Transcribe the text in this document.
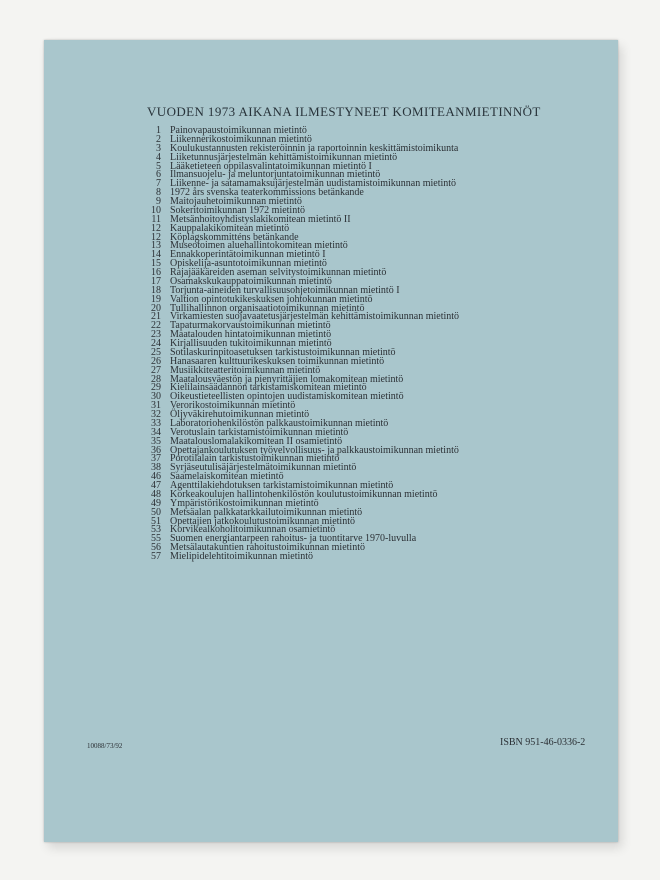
VUODEN 1973 AIKANA ILMESTYNEET KOMITEANMIETINNÖT
1 Painovapaustoimikunnan mietintö
2 Liikennerikostoimikunnan mietintö
3 Koulukustannusten rekisteröinnin ja raportoinnin keskittämistoimikunta
4 Liiketunnusjärjestelmän kehittämistoimikunnan mietintö
5 Lääketieteen oppilasvalintatoimikunnan mietintö I
6 Ilmansuojelu- ja meluntorjuntatoimikunnan mietintö
7 Liikenne- ja satamamaksujärjestelmän uudistamistoimikunnan mietintö
8 1972 års svenska teaterkommissions betänkande
9 Maitojauhetoimikunnan mietintö
10 Sokeritoimikunnan 1972 mietintö
11 Metsänhoitoyhdistyslakikomitean mietintö II
12 Kauppalakikomitean mietintö
12 Köplagskommitténs betänkande
13 Museotoimen aluehallintokomitean mietintö
14 Ennakkoperintätoimikunnan mietintö I
15 Opiskelija-asuntotoimikunnan mietintö
16 Rajajääkäreiden aseman selvitystoimikunnan mietintö
17 Osamakskukauppatoimikunnan mietintö
18 Torjunta-aineiden turvallisuusohjetoimikunnan mietintö I
19 Valtion opintotukikeskuksen johtokunnan mietintö
20 Tullihallinnon organisaatiotoimikunnan mietintö
21 Virkamiesten suojavaatetusjärjestelmän kehittämistoimikunnan mietintö
22 Tapaturmakorvaustoimikunnan mietintö
23 Maatalouden hintatoimikunnan mietintö
24 Kirjallisuuden tukitoimikunnan mietintö
25 Sotilaskurinpitoasetuksen tarkistustoimikunnan mietintö
26 Hanasaaren kulttuurikeskuksen toimikunnan mietintö
27 Musiikkiteatteritoimikunnan mietintö
28 Maatalousväestön ja pienyrittäjien lomakomitean mietintö
29 Kielilainsäädännön tarkistamiskomitean mietintö
30 Oikeustieteellisten opintojen uudistamiskomitean mietintö
31 Verorikostoimikunnan mietintö
32 Öljyväkirehutoimikunnan mietintö
33 Laboratoriohenkilöstön palkkaustoimikunnan mietintö
34 Verotuslain tarkistamistoimikunnan mietintö
35 Maatalouslomalakikomitean II osamietintö
36 Opettajankoulutuksen työvelvollisuus- ja palkkaustoimikunnan mietintö
37 Porotilalain tarkistustoimikunnan mietintö
38 Syrjäseutulisäjärjestelmätoimikunnan mietintö
46 Saamelaiskomitean mietintö
47 Agenttilakiehdotuksen tarkistamistoimikunnan mietintö
48 Korkeakoulujen hallintohenkilöstön koulutustoimikunnan mietintö
49 Ympäristörikostoimikunnan mietintö
50 Metsäalan palkkatarkkailutoimikunnan mietintö
51 Opettajien jatkokoulutustoimikunnan mietintö
53 Korvikealkoholitoimikunnan osamietintö
55 Suomen energiantarpeen rahoitus- ja tuontitarve 1970-luvulla
56 Metsälautakuntien rahoitustoimikunnan mietintö
57 Mielipidelehtitoimikunnan mietintö
10088/73/92	ISBN 951-46-0336-2
